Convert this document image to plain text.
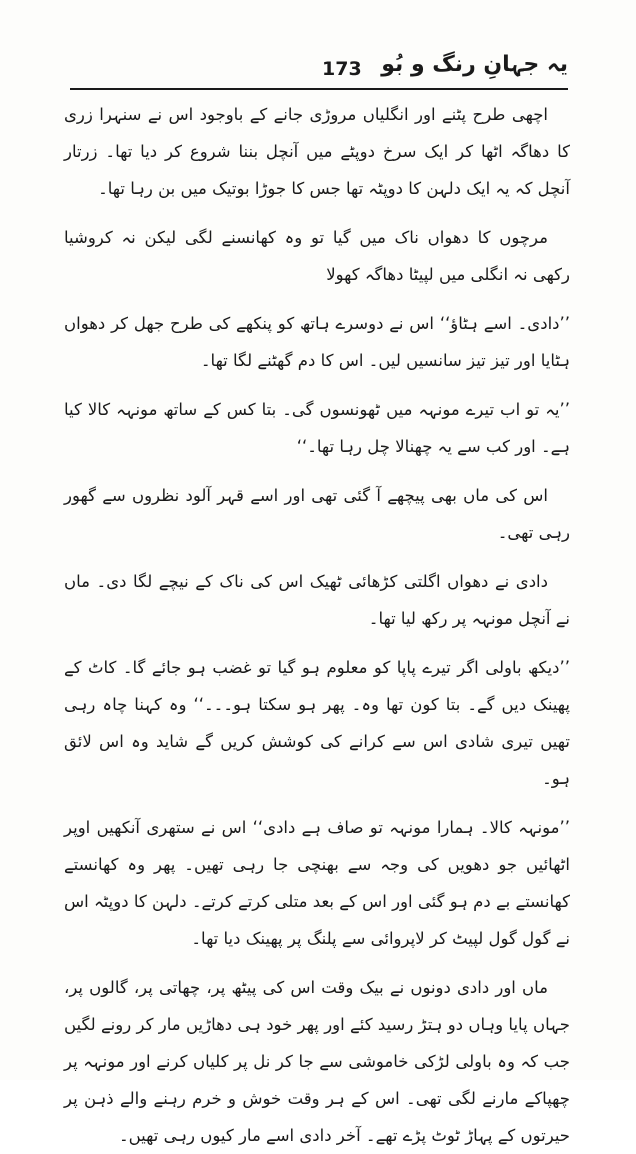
173 یہ جہانِ رنگ و بُو

اچھی طرح پٹنے اور انگلیاں مروڑی جانے کے باوجود اس نے سنہرا زری کا دھاگہ اٹھا کر ایک سرخ دوپٹے میں آنچل بننا شروع کر دیا تھا۔ زرتار آنچل کہ یہ ایک دلہن کا دوپٹہ تھا جس کا جوڑا بوتیک میں بن رہا تھا۔

مرچوں کا دھواں ناک میں گیا تو وہ کھانسنے لگی لیکن نہ کروشیا رکھی نہ انگلی میں لپیٹا دھاگہ کھولا

’’دادی۔ اسے ہٹاؤ‘‘ اس نے دوسرے ہاتھ کو پنکھے کی طرح جھل کر دھواں ہٹایا اور تیز تیز سانسیں لیں۔ اس کا دم گھٹنے لگا تھا۔

’’یہ تو اب تیرے مونہہ میں ٹھونسوں گی۔ بتا کس کے ساتھ مونہہ کالا کیا ہے۔ اور کب سے یہ چھنالا چل رہا تھا۔‘‘

اس کی ماں بھی پیچھے آ گئی تھی اور اسے قہر آلود نظروں سے گھور رہی تھی۔

دادی نے دھواں اگلتی کڑھائی ٹھیک اس کی ناک کے نیچے لگا دی۔ ماں نے آنچل مونہہ پر رکھ لیا تھا۔

’’دیکھ باولی اگر تیرے پاپا کو معلوم ہو گیا تو غضب ہو جائے گا۔ کاٹ کے پھینک دیں گے۔ بتا کون تھا وہ۔ پھر ہو سکتا ہو۔۔۔‘‘ وہ کہنا چاہ رہی تھیں تیری شادی اس سے کرانے کی کوشش کریں گے شاید وہ اس لائق ہو۔

’’مونہہ کالا۔ ہمارا مونہہ تو صاف ہے دادی‘‘ اس نے ستھری آنکھیں اوپر اٹھائیں جو دھویں کی وجہ سے بھنچی جا رہی تھیں۔ پھر وہ کھانستے کھانستے بے دم ہو گئی اور اس کے بعد متلی کرتے کرتے۔ دلہن کا دوپٹہ اس نے گول گول لپیٹ کر لاپروائی سے پلنگ پر پھینک دیا تھا۔

ماں اور دادی دونوں نے بیک وقت اس کی پیٹھ پر، چھاتی پر، گالوں پر، جہاں پایا وہاں دو ہتڑ رسید کئے اور پھر خود ہی دھاڑیں مار کر رونے لگیں جب کہ وہ باولی لڑکی خاموشی سے جا کر نل پر کلیاں کرنے اور مونہہ پر چھپاکے مارنے لگی تھی۔ اس کے ہر وقت خوش و خرم رہنے والے ذہن پر حیرتوں کے پہاڑ ٹوٹ پڑے تھے۔ آخر دادی اسے مار کیوں رہی تھیں۔
